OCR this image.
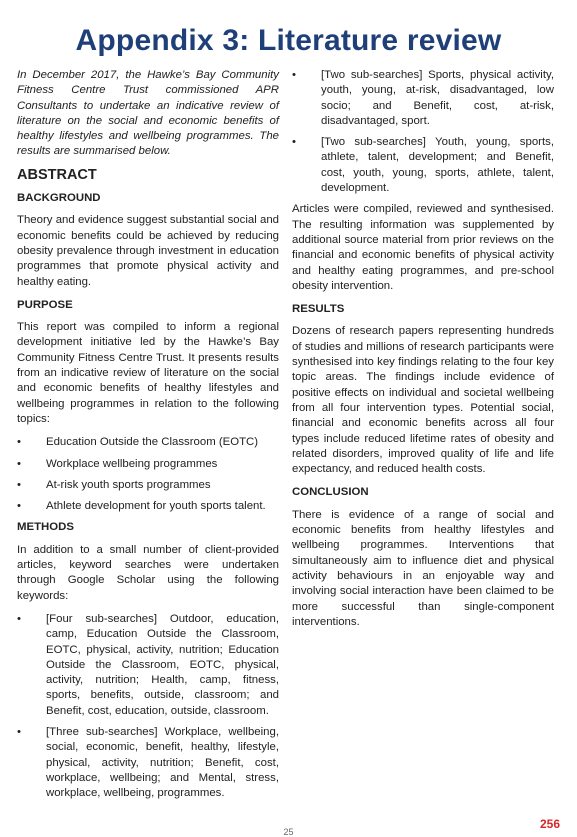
Appendix 3: Literature review

In December 2017, the Hawke’s Bay Community Fitness Centre Trust commissioned APR Consultants to undertake an indicative review of literature on the social and economic benefits of healthy lifestyles and wellbeing programmes. The results are summarised below.

ABSTRACT
BACKGROUND

Theory and evidence suggest substantial social and economic benefits could be achieved by reducing obesity prevalence through investment in education programmes that promote physical activity and healthy eating.

PURPOSE

This report was compiled to inform a regional development initiative led by the Hawke’s Bay Community Fitness Centre Trust. It presents results from an indicative review of literature on the social and economic benefits of healthy lifestyles and wellbeing programmes in relation to the following topics:

• Education Outside the Classroom (EOTC)
• Workplace wellbeing programmes
• At-risk youth sports programmes
• Athlete development for youth sports talent.
METHODS

In addition to a small number of client-provided articles, keyword searches were undertaken through Google Scholar using the following keywords:

• [Four sub-searches] Outdoor, education, camp, Education Outside the Classroom, EOTC, physical, activity, nutrition; Education Outside the Classroom, EOTC, physical, activity, nutrition; Health, camp, fitness, sports, benefits, outside, classroom; and Benefit, cost, education, outside, classroom.
• [Three sub-searches] Workplace, wellbeing, social, economic, benefit, healthy, lifestyle, physical, activity, nutrition; Benefit, cost, workplace, wellbeing; and Mental, stress, workplace, wellbeing, programmes.
• [Two sub-searches] Sports, physical activity, youth, young, at-risk, disadvantaged, low socio; and Benefit, cost, at-risk, disadvantaged, sport.
• [Two sub-searches] Youth, young, sports, athlete, talent, development; and Benefit, cost, youth, young, sports, athlete, talent, development.

Articles were compiled, reviewed and synthesised. The resulting information was supplemented by additional source material from prior reviews on the financial and economic benefits of physical activity and healthy eating programmes, and pre-school obesity intervention.

RESULTS

Dozens of research papers representing hundreds of studies and millions of research participants were synthesised into key findings relating to the four key topic areas. The findings include evidence of positive effects on individual and societal wellbeing from all four intervention types. Potential social, financial and economic benefits across all four types include reduced lifetime rates of obesity and related disorders, improved quality of life and life expectancy, and reduced health costs.

CONCLUSION

There is evidence of a range of social and economic benefits from healthy lifestyles and wellbeing programmes. Interventions that simultaneously aim to influence diet and physical activity behaviours in an enjoyable way and involving social interaction have been claimed to be more successful than single-component interventions.

256
25
